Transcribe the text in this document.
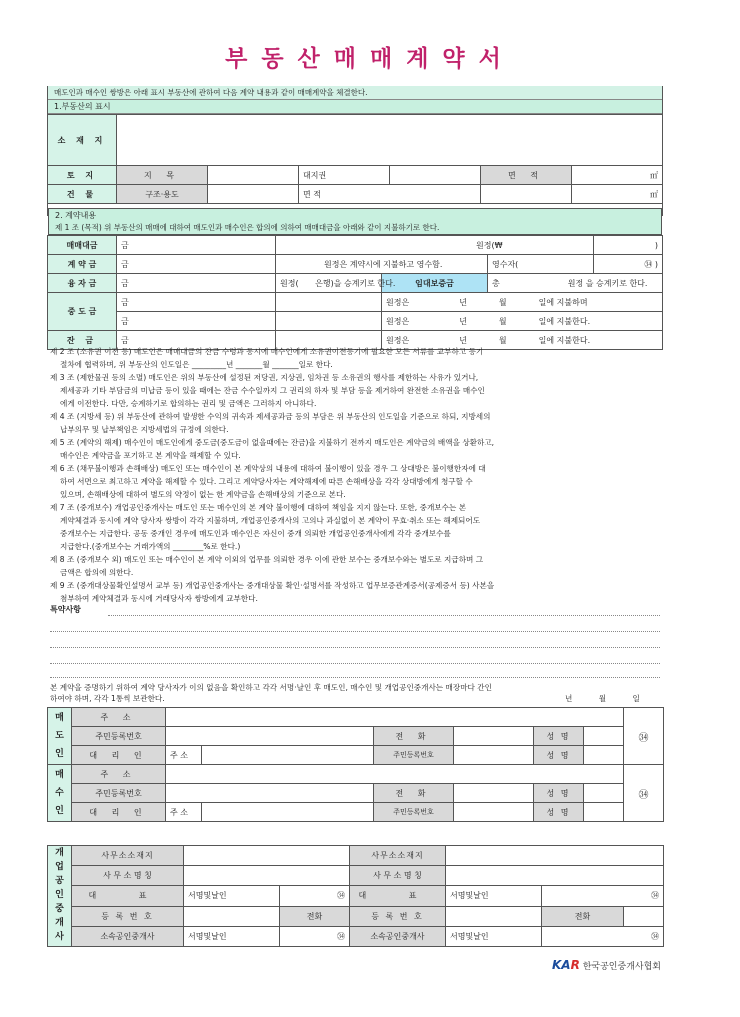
부동산매매계약서
매도인과 매수인 쌍방은 아래 표시 부동산에 관하여 다음 계약 내용과 같이 매매계약을 체결한다.
1.부동산의 표시
소 재 지						
토 지	지 목		대지권		면 적	㎡
건 물	구조·용도		면 적			㎡
2. 계약내용
제 1 조 (목적) 위 부동산의 매매에 대하여 매도인과 매수인은 합의에 의하여 매매대금을 아래와 같이 지불하기로 한다.
매매대금	금	원정(₩			)
계 약 금	금	원정은 계약시에 지불하고 영수함.		영수자(	㉞ )
융 자 금	금	원정( 은행)을 승계키로 한다.	임대보증금	총 원정 을 승계키로 한다.	
중 도 금	금		원정은 년 월 일에 지불하며		
	금		원정은 년 월 일에 지불한다.		
잔 금	금		원정은 년 월 일에 지불한다.		

제 2 조 (소유권 이전 등) 매도인은 매매대금의 잔금 수령과 동시에 매수인에게 소유권이전등기에 필요한 모든 서류를 교부하고 등기

절차에 협력하며, 위 부동산의 인도일은 _________년 _______월 _______일로 한다.

제 3 조 (제한물권 등의 소멸) 매도인은 위의 부동산에 설정된 저당권, 지상권, 임차권 등 소유권의 행사를 제한하는 사유가 있거나,

제세공과 기타 부담금의 미납금 등이 있을 때에는 잔금 수수일까지 그 권리의 하자 및 부담 등을 제거하여 완전한 소유권을 매수인

에게 이전한다. 다만, 승계하기로 합의하는 권리 및 금액은 그러하지 아니하다.

제 4 조 (지방세 등) 위 부동산에 관하여 발생한 수익의 귀속과 제세공과금 등의 부담은 위 부동산의 인도일을 기준으로 하되, 지방세의

납부의무 및 납부책임은 지방세법의 규정에 의한다.

제 5 조 (계약의 해제) 매수인이 매도인에게 중도금(중도금이 없을때에는 잔금)을 지불하기 전까지 매도인은 계약금의 배액을 상환하고,

매수인은 계약금을 포기하고 본 계약을 해제할 수 있다.

제 6 조 (채무불이행과 손해배상) 매도인 또는 매수인이 본 계약상의 내용에 대하여 불이행이 있을 경우 그 상대방은 불이행한자에 대

하여 서면으로 최고하고 계약을 해제할 수 있다. 그리고 계약당사자는 계약해제에 따른 손해배상을 각각 상대방에게 청구할 수

있으며, 손해배상에 대하여 별도의 약정이 없는 한 계약금을 손해배상의 기준으로 본다.

제 7 조 (중개보수) 개업공인중개사는 매도인 또는 매수인의 본 계약 불이행에 대하여 책임을 지지 않는다. 또한, 중개보수는 본

계약체결과 동시에 계약 당사자 쌍방이 각각 지불하며, 개업공인중개사의 고의나 과실없이 본 계약이 무효·취소 또는 해제되어도

중개보수는 지급한다. 공동 중개인 경우에 매도인과 매수인은 자신이 중개 의뢰한 개업공인중개사에게 각각 중개보수를

지급한다.(중개보수는 거래가액의 ________%로 한다.)

제 8 조 (중개보수 외) 매도인 또는 매수인이 본 계약 이외의 업무를 의뢰한 경우 이에 관한 보수는 중개보수와는 별도로 지급하며 그

금액은 합의에 의한다.

제 9 조 (중개대상물확인설명서 교부 등) 개업공인중개사는 중개대상물 확인·설명서를 작성하고 업무보증관계증서(공제증서 등) 사본을

첨부하여 계약체결과 동시에 거래당사자 쌍방에게 교부한다.

특약사항
본 계약을 증명하기 위하여 계약 당사자가 이의 없음을 확인하고 각각 서명·날인 후 매도인, 매수인 및 개업공인중개사는 매장마다 간인
하여야 하며, 각각 1통씩 보관한다.	년	월	일
매도인	주 소							㉞
	주민등록번호			전 화		성 명		
	대 리 인	주 소		주민등록번호		성 명		
매수인	주 소							㉞
	주민등록번호			전 화		성 명		
	대 리 인	주 소		주민등록번호		성 명		
개업공인중개사	사무소소재지			사무소소재지			
	사 무 소 명 칭			사 무 소 명 칭			
	대 표	서명및날인	㉞	대 표	서명및날인	㉞	
	등 록 번 호		전화	등 록 번 호		전화	
	소속공인중개사	서명및날인	㉞	소속공인중개사	서명및날인	㉞	
KAR 한국공인중개사협회
